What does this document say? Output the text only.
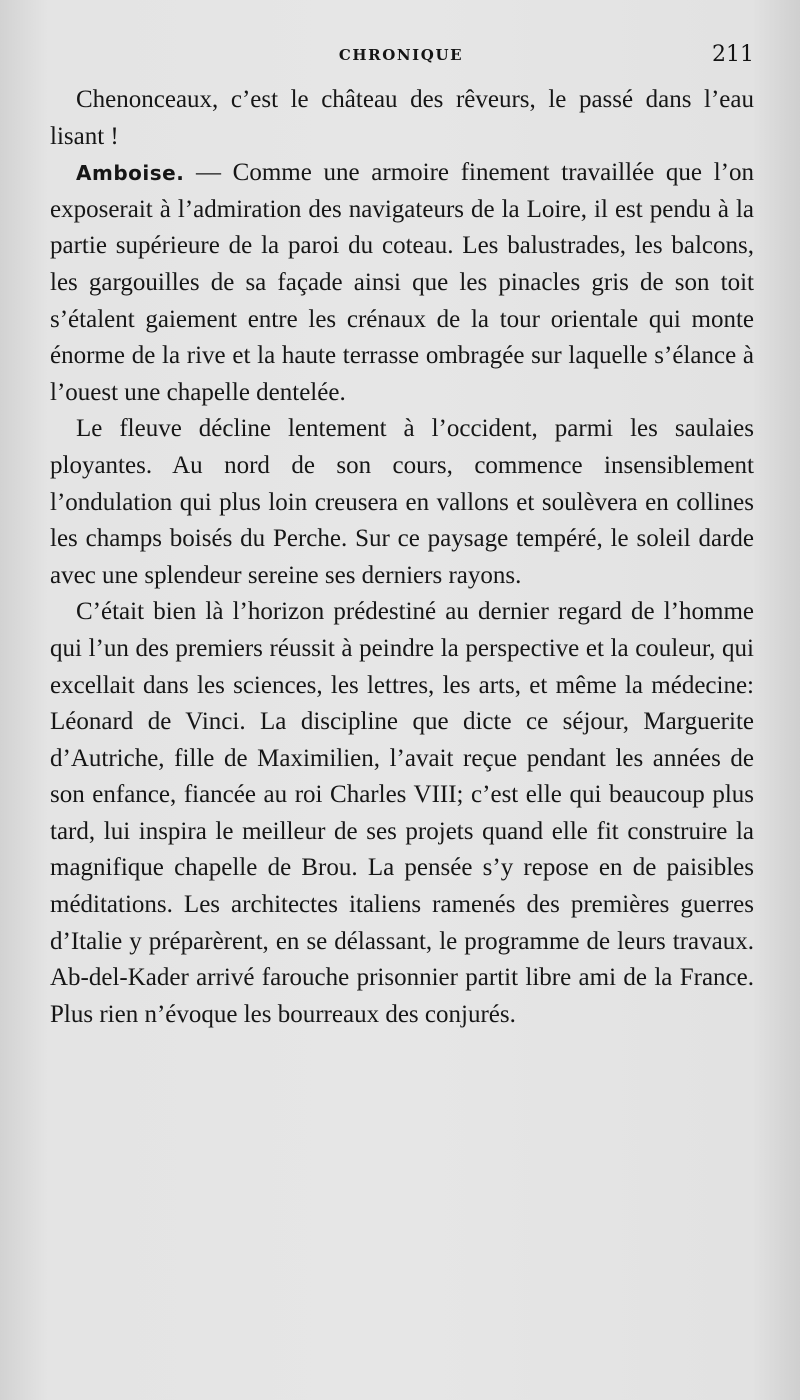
CHRONIQUE	211

Chenonceaux, c’est le château des rêveurs, le passé dans l’eau lisant !

Amboise. — Comme une armoire finement travaillée que l’on exposerait à l’admiration des navigateurs de la Loire, il est pendu à la partie supérieure de la paroi du coteau. Les balustrades, les balcons, les gargouilles de sa façade ainsi que les pinacles gris de son toit s’étalent gaiement entre les crénaux de la tour orientale qui monte énorme de la rive et la haute terrasse ombragée sur laquelle s’élance à l’ouest une chapelle dentelée.

Le fleuve décline lentement à l’occident, parmi les saulaies ployantes. Au nord de son cours, commence insensiblement l’ondulation qui plus loin creusera en vallons et soulèvera en collines les champs boisés du Perche. Sur ce paysage tempéré, le soleil darde avec une splendeur sereine ses derniers rayons.

C’était bien là l’horizon prédestiné au dernier regard de l’homme qui l’un des premiers réussit à peindre la perspective et la couleur, qui excellait dans les sciences, les lettres, les arts, et même la médecine: Léonard de Vinci. La discipline que dicte ce séjour, Marguerite d’Autriche, fille de Maximilien, l’avait reçue pendant les années de son enfance, fiancée au roi Charles VIII; c’est elle qui beaucoup plus tard, lui inspira le meilleur de ses projets quand elle fit construire la magnifique chapelle de Brou. La pensée s’y repose en de paisibles méditations. Les architectes italiens ramenés des premières guerres d’Italie y préparèrent, en se délassant, le programme de leurs travaux. Ab-del-Kader arrivé farouche prisonnier partit libre ami de la France. Plus rien n’évoque les bourreaux des conjurés.
